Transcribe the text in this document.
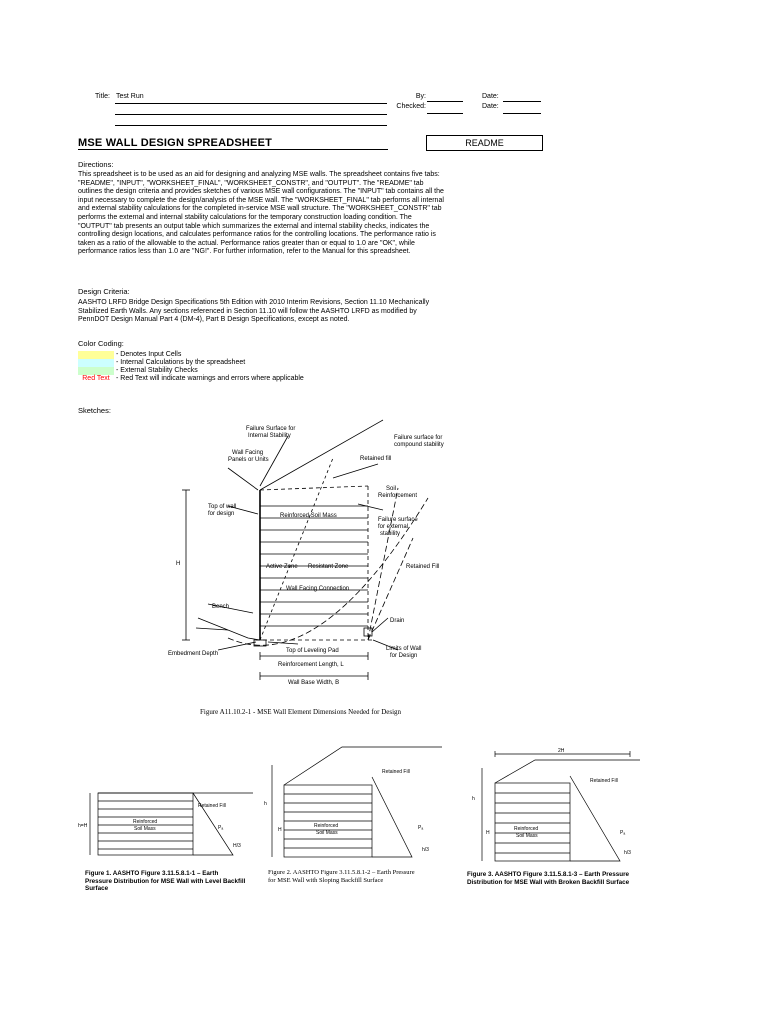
Title: Test Run	By:
Checked:
Date:
Date:
MSE WALL DESIGN SPREADSHEET	README
Directions:
This spreadsheet is to be used as an aid for designing and analyzing MSE walls. The spreadsheet contains five tabs:
"README", "INPUT", "WORKSHEET_FINAL", "WORKSHEET_CONSTR", and "OUTPUT". The "README" tab
outlines the design criteria and provides sketches of various MSE wall configurations. The "INPUT" tab contains all the
input necessary to complete the design/analysis of the MSE wall. The "WORKSHEET_FINAL" tab performs all internal
and external stability calculations for the completed in-service MSE wall structure. The "WORKSHEET_CONSTR" tab
performs the external and internal stability calculations for the temporary construction loading condition. The
"OUTPUT" tab presents an output table which summarizes the external and internal stability checks, indicates the
controlling design locations, and calculates performance ratios for the controlling locations. The performance ratio is
taken as a ratio of the allowable to the actual. Performance ratios greater than or equal to 1.0 are "OK", while
performance ratios less than 1.0 are "NG!". For further information, refer to the Manual for this spreadsheet.
Design Criteria:
AASHTO LRFD Bridge Design Specifications 5th Edition with 2010 Interim Revisions, Section 11.10 Mechanically
Stabilized Earth Walls. Any sections referenced in Section 11.10 will follow the AASHTO LRFD as modified by
PennDOT Design Manual Part 4 (DM-4), Part B Design Specifications, except as noted.
Color Coding:
- Denotes Input Cells
- Internal Calculations by the spreadsheet
- External Stability Checks
Red Text - Red Text will indicate warnings and errors where applicable
Sketches:
Failure Surface for
Internal Stability	Failure surface for
compound stability
Wall Facing
Panels or Units	Retained fill
Soil
Reinforcement
Top of wall
for design	Reinforced Soil Mass
Failure surface
for external
stability
H	Active Zone Resistant Zone	Retained Fill
Wall Facing Connection
Bench
Drain
Embedment Depth	Top of Leveling Pad	Limits of Wall
for Design
Reinforcement Length, L
Wall Base Width, B
Figure A11.10.2-1 - MSE Wall Element Dimensions Needed for Design
Retained Fill
Reinforced
Soil Mass
h=H	Pₐ
H/3
Figure 1. AASHTO Figure 3.11.5.8.1-1 – Earth
Pressure Distribution for MSE Wall with Level Backfill
Surface
Retained Fill
Reinforced
Soil Mass
h
H	Pₐ
h/3
Figure 2. AASHTO Figure 3.11.5.8.1-2 – Earth Pressure
for MSE Wall with Sloping Backfill Surface
2H
Retained Fill
Reinforced
Soil Mass
h
H	Pₐ
h/3
Figure 3. AASHTO Figure 3.11.5.8.1-3 – Earth Pressure
Distribution for MSE Wall with Broken Backfill Surface
